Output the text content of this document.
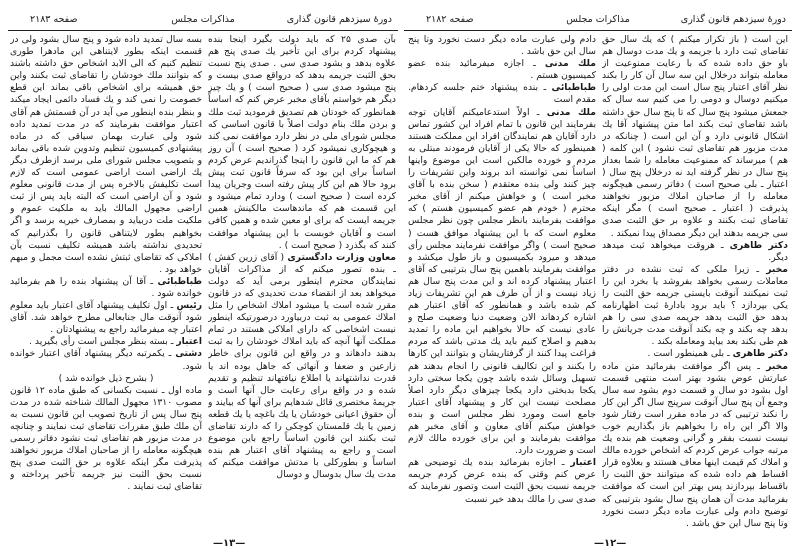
دورهٔ سیزدهم قانون گذاری
مذاکرات مجلس
صفحه ۲۱۸۳

بآن صدی ۲۵ که باید دولت بگیرد اینجا بنده پیشنهاد کردم برای این تأخیر یك صدی پنج هم علاوه بدهد و بشود صدی سی . صدی پنج نسبت بحق الثبت جریمه بدهد که درواقع صدی بیست و پنج میشود صدی سی ( صحیح است ) و یك چیز دیگر هم خواستم بآقای مخبر عرض کنم که اساساً همانطور که خودتان هم تصدیق فرمودید ثبت ملك و بردن ملك بنام دولت اصلاً با قانون اساسی که مجلس شورای ملی در نظر دارد موافقت نمی کند و هیچوکاری نمیشود کرد ( صحیح است ) آن روز هم که ما این قانون را اینجا گذراندیم عرض کردم اساساً برای این بود که سرفاً قانون ثبت پیش برود حالا هم این کار پیش رفته است وجریان پیدا کرده است ( صحیح است ) ودارد تمام میشود و این قسمت هم که ماندهاست مالکینش همین جریمه ایست که برای او معین شده و همین کافی است و آقایان خوبست با این پیشنهاد موافقت کنند که بگذرد ( صحیح است ) .

معاون وزارت دادگستری ( آقای زرین کفش ) ـ بنده تصور میکنم که از مذاکرات آقایان نمایندگان محترم اینطور برمی آید که دولت میخواهد بعد از انقضاء مدت تحدیدی که در قانون مقرر شده است یا میشود املاك اشخاص را مثل املاك عمومی به ثبت دربیاورد درصورتیکه اینطور نیست اشخاصی که دارای املاکی هستند در تمام مملکت آنها آنچه که باید املاك خودشان را به ثبت بدهند دادهاند و در واقع این قانون برای خاطر زارعین و ضعفا و آنهائی که جاهل بوده اند یا قدرت نداشتهاند یا اطلاع نیافتهاند تنظیم و تقدیم شده و در واقع برای رعایت حال آنها است و جریمهٔ مختصری قائل شدهایم برای آنها که بیایند و آن حقوق اعیانی خودشان یا یك باغچه یا یك قطعه زمین یا یك قلمستان کوچکی را که دارند تقاضای ثبت بکنند این قانون اساساً راجع باین موضوع است و راجع به پیشنهاد آقای اعتبار هم بنده اساساً و بطورکلی با مدتش موافقت میکنم که مدت یك سال بدوسال و دوسال

بسه سال تمدید داده شود و پنج سال بشود ولی در قسمت اینکه بطور لایتناهی این مادهرا طوری تنظیم کنیم که الی الابد اشخاص حق داشته باشند که بتوانند ملك خودشان را تقاضای ثبت بکنند واین حق همیشه برای اشخاص باقی بماند این قطع خصومت را نمی کند و یك فساد دائمی ایجاد میکند و بنظر بنده اینطور می آید در آن قسمتش هم آقای اعتبار موافقت بفرمایند که در مدت تمدید داده شود ولی عبارت بهمان سیاقی که در ماده پیشنهادی کمیسیون تنظیم وتدوین شده باقی بماند و بتصویب مجلس شورای ملی برسد ازطرف دیگر یك اراضی است اراضی عمومی است که لازم است تکلیفش بالاخره پس از مدت قانونی معلوم شود و آن اراضی است که البته باید پس از ثبت اراضی مجهول المالك باید به ملکیت عموم و ملکیت ملت دربیاید و بمصارف خیریه برسد و اگر بخواهیم بطور لایتناهی قانون را بگذرانیم که تحدیدی نداشته باشد همیشه تکلیف نسبت بآن املاکی که تقاضای ثبتش نشده است مجمل و مبهم خواهد بود .

طباطبائی ـ آقا آن پیشنهاد بنده را هم بفرمائید خوانده شود .

رئیس ـ اول تکلیف پیشنهاد آقای اعتبار باید معلوم شود آنوقت مال جنابعالی مطرح خواهد شد. آقای اعتبار چه میفرمائید راجع به پیشنهادتان .

اعتبار ـ بسته بنظر مجلس است رأی بگیرید .

دشتی ـ یکمرتبه دیگر پیشنهاد آقای اعتبار خوانده شود.

( بشرح ذیل خوانده شد )

ماده اول ـ نسبت بکسانی که طبق ماده ۱۲ قانون مصوب ۱۳۱۰ مجهول المالك شناخته شده در مدت پنج سال پس از تاریخ تصویب این قانون نسبت به آن ملك طبق مقررات تقاضای ثبت نمایند و چنانچه در مدت مزبور هم تقاضای ثبت نشود دفاتر رسمی هیچگونه معامله را از صاحبان املاك مزبور نخواهند پذیرفت مگر اینکه علاوه بر حق الثبت صدی پنج نسبت بحق الثبت نیز جریمه تأخیر پرداخته و تقاضای ثبت نمایند .

—۱۳—
دورهٔ سیزدهم قانون گذاری
مذاکرات مجلس
صفحه ۲۱۸۲

این است ( باز تکرار میکنم ) که یك سال حق تقاضای ثبت دارد با جریمه و یك مدت دوسال هم باو حق داده شده که با رعایت ممنوعیت از معامله بتواند درخلال این سه سال آن کار را بکند نظر آقای اعتبار پنج سال است این مدت اولی را میکنیم دوسال و دومی را می کنیم سه سال که جمعش میشود پنج سال که تا پنج سال حق داشته باشد تقاضای ثبت بکند اما متن پیشنهاد آقا یك اشکال قانونی دارد و آن این است ( چنانکه در مدت مزبور هم تقاضای ثبت نشود ) این کلمه ( هم ) میرساند که ممنوعیت معامله را شما بعداز پنج سال در نظر گرفته اید نه درخلال پنج سال ( اعتبار ـ بلی صحیح است ) دفاتر رسمی هیچگونه معامله را از صاحبان املاك مزبور نخواهند پذیرفت ( اعتبار ـ صحیح است ) مگر اینکه تقاضای ثبت بکنند و علاوه بر حق الثبت صدی سی جریمه بدهند این دیگر مصداق پیدا نمیکند .

دکتر طاهری ـ هروقت میخواهد ثبت میدهد دیگر.

مخبر ـ زیرا ملکی که ثبت نشده در دفتر معاملات رسمی بخواهد بفروشد یا بخرد این را ثبت نمیکنند آنوقت بایستی جریمه حق الثبت را یکی بپردازد ؟ باید برود بادارهٔ ثبت اظهارنامه بدهد حق الثبت بدهد جریمه صدی سی را هم بدهد چه بکند و چه بکند آنوقت مدت جریانش را هم طی بکند بعد بیاید ومعامله بکند .

دکتر طاهری ـ بلی همینطور است .

مخبر ـ پس اگر موافقت بفرمائید متن ماده عبارتش عوض بشود بهتر است منتهی قسمت اول بشود دو سال و قسمت دوم بشود سه سال وجمع آن پنج سال آنوقت سرپنج سال اگر این کار را نکند ترتیبی که در ماده مقرر است رفتار شود والا اگر این راه را بخواهیم باز بگذاریم خوب نیست نسبت بفقر و گرانی وضعیت هم بنده یك مرتبه جواب عرض کردم که اشخاص خورده مالك و املاك کم قیمت اینها معاف هستند و بعلاوه قرار اقساط هم داده شده که میتوانند حق الثبت را باقساط بپردازند پس بهتر این است که موافقت بفرمائید مدت آن همان پنج سال بشود بترتیبی که توضیح دادم ولی عبارت ماده دیگر دست نخورد وتا پنج سال این حق باشد .

دادم ولی عبارت ماده دیگر دست نخورد وتا پنج سال این حق باشد .

ملك مدنی ـ اجازه میفرمائید بنده عضو کمیسیون هستم .

طباطبائی ـ بنده پیشنهاد ختم جلسه کردهام. مقدم است

ملك مدنی ـ اولاً استدعامیکنم آقایان توجه بفرمایند این قانون با تمام افراد این کشور تماس دارد آقایان هم نمایندگان افراد این مملکت هستند همینطور که حالا یکی از آقایان فرمودند مبتلی به مردم و خورده مالکین است این موضوع واینها اساساً نمی توانسته اند بروند واین تشریفات را چیز کنند ولی بنده معتقدم ( سخن بنده با آقای مخبر است ) و خواهش میکنم از آقای مخبر محترم ( خودم هم عضو کمیسیون هستم ) که موافقت بفرمایند بانظر مجلس چون نظر مجلس معلوم است که با این پیشنهاد موافق هست ( صحیح است ) واگر موافقت نفرمایند مجلس رأی میدهد و میرود بکمیسیون و باز طول میکشد و موافقت بفرمایند باهمین پنج سال بترتیبی که آقای اعتبار پیشنهاد کرده اند و این مدت پنج سال هم زیاد نیست و از آن طرف هم این تشریفات زیاد کم شده باشد و همانطور که آقای اعتبار هم اشاره کردهاند الان وضعیت دنیا وضعیت صلح و عادی نیست که حالا بخواهیم این ماده را تمدید بدهیم و اصلاح کنیم باید یك مدتی باشد که مردم فراغت پیدا کنند از گرفتاریشان و بتوانند این کارها را بکنند و این تکالیف قانونی را انجام بدهند هم تسهیل وسائل شده باشد چون یکجا سختی دارد یکجا بدبختی دارد یکجا چیزهای دیگر دارد اصلاً مصلحت نیست این کار و پیشنهاد آقای اعتبار جامع است ومورد نظر مجلس است و بنده خواهش میکنم آقای معاون و آقای مخبر هم موافقت بفرمایند و این برای خورده مالك لازم است و ضرورت دارد.

اعتبار ـ اجازه بفرمائید بنده یك توضیحی هم عرض کنم وقتی که بنده عرض کردم جریمه جریمه نسبت بحق الثبت است وتصور نفرمایند که صدی سی را مالك بدهد خیر نسبت

—۱۲—
